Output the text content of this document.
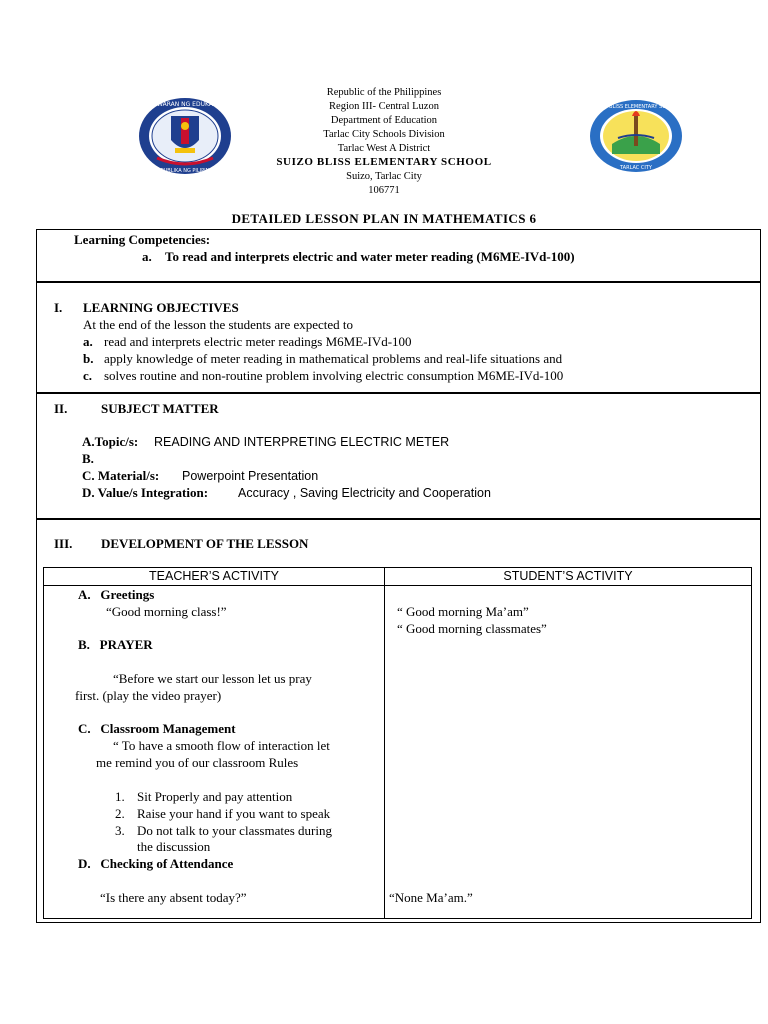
KAGAWARAN NG EDUKASYON
REPUBLIKA NG PILIPINAS
Republic of the Philippines
Region III- Central Luzon
Department of Education
Tarlac City Schools Division
Tarlac West A District
SUIZO BLISS ELEMENTARY SCHOOL
Suizo, Tarlac City
106771
SUIZO BLISS ELEMENTARY SCHOOL
TARLAC CITY
DETAILED LESSON PLAN IN MATHEMATICS 6
Learning Competencies:
a. To read and interprets electric and water meter reading (M6ME-IVd-100)
I. LEARNING OBJECTIVES
At the end of the lesson the students are expected to
a. read and interprets electric meter readings M6ME-IVd-100
b. apply knowledge of meter reading in mathematical problems and real-life situations and
c. solves routine and non-routine problem involving electric consumption M6ME-IVd-100
II.	SUBJECT MATTER
A.Topic/s: READING AND INTERPRETING ELECTRIC METER
B.
C. Material/s: Powerpoint Presentation
D. Value/s Integration: Accuracy , Saving Electricity and Cooperation
III. DEVELOPMENT OF THE LESSON
TEACHER’S ACTIVITY	STUDENT’S ACTIVITY
A.   Greetings
“Good morning class!”
B.   PRAYER
“Before we start our lesson let us pray
first. (play the video prayer)
C.   Classroom Management
“ To have a smooth flow of interaction let
me remind you of our classroom Rules
1. Sit Properly and pay attention
2. Raise your hand if you want to speak
3. Do not talk to your classmates during
the discussion
D.   Checking of Attendance
“Is there any absent today?”
“ Good morning Ma’am”
“ Good morning classmates”
“None Ma’am.”
